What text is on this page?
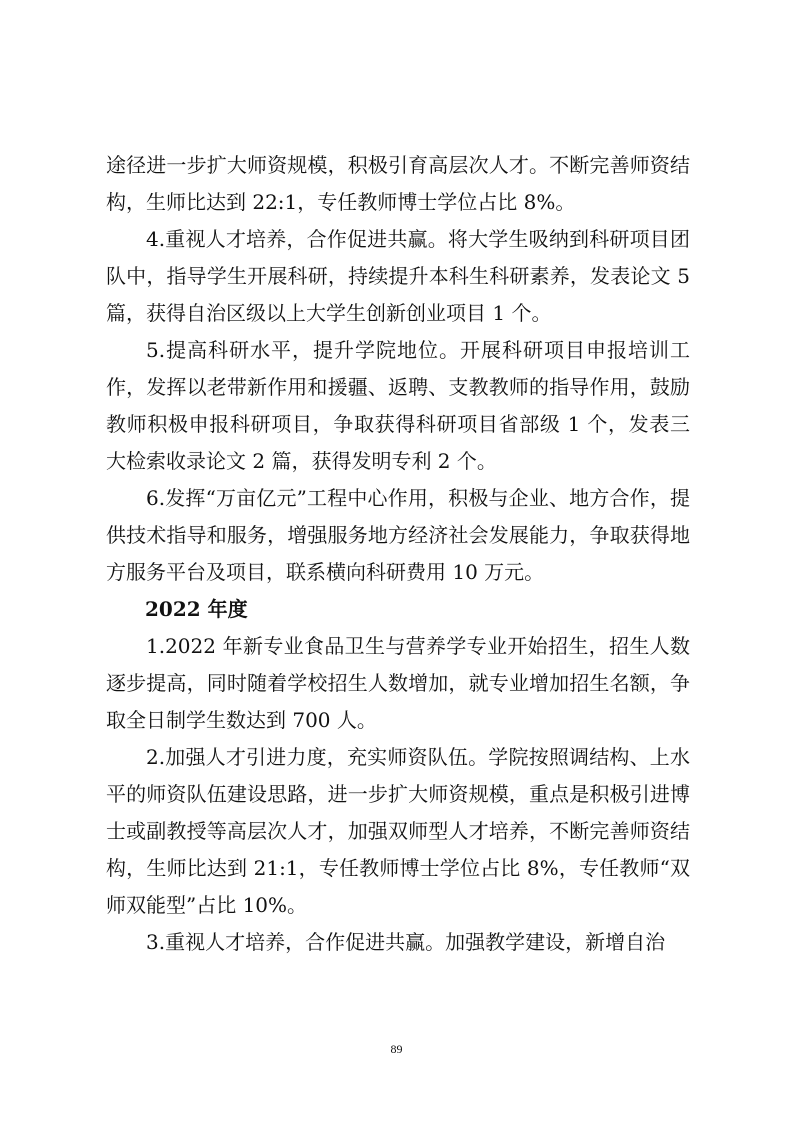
途径进一步扩大师资规模，积极引育高层次人才。不断完善师资结构，生师比达到 22:1，专任教师博士学位占比 8%。

4.重视人才培养，合作促进共赢。将大学生吸纳到科研项目团队中，指导学生开展科研，持续提升本科生科研素养，发表论文 5 篇，获得自治区级以上大学生创新创业项目 1 个。

5.提高科研水平，提升学院地位。开展科研项目申报培训工作，发挥以老带新作用和援疆、返聘、支教教师的指导作用，鼓励教师积极申报科研项目，争取获得科研项目省部级 1 个，发表三大检索收录论文 2 篇，获得发明专利 2 个。

6.发挥“万亩亿元”工程中心作用，积极与企业、地方合作，提供技术指导和服务，增强服务地方经济社会发展能力，争取获得地方服务平台及项目，联系横向科研费用 10 万元。

2022 年度

1.2022 年新专业食品卫生与营养学专业开始招生，招生人数逐步提高，同时随着学校招生人数增加，就专业增加招生名额，争取全日制学生数达到 700 人。

2.加强人才引进力度，充实师资队伍。学院按照调结构、上水平的师资队伍建设思路，进一步扩大师资规模，重点是积极引进博士或副教授等高层次人才，加强双师型人才培养，不断完善师资结构，生师比达到 21:1，专任教师博士学位占比 8%，专任教师“双师双能型”占比 10%。

3.重视人才培养，合作促进共赢。加强教学建设，新增自治

89
